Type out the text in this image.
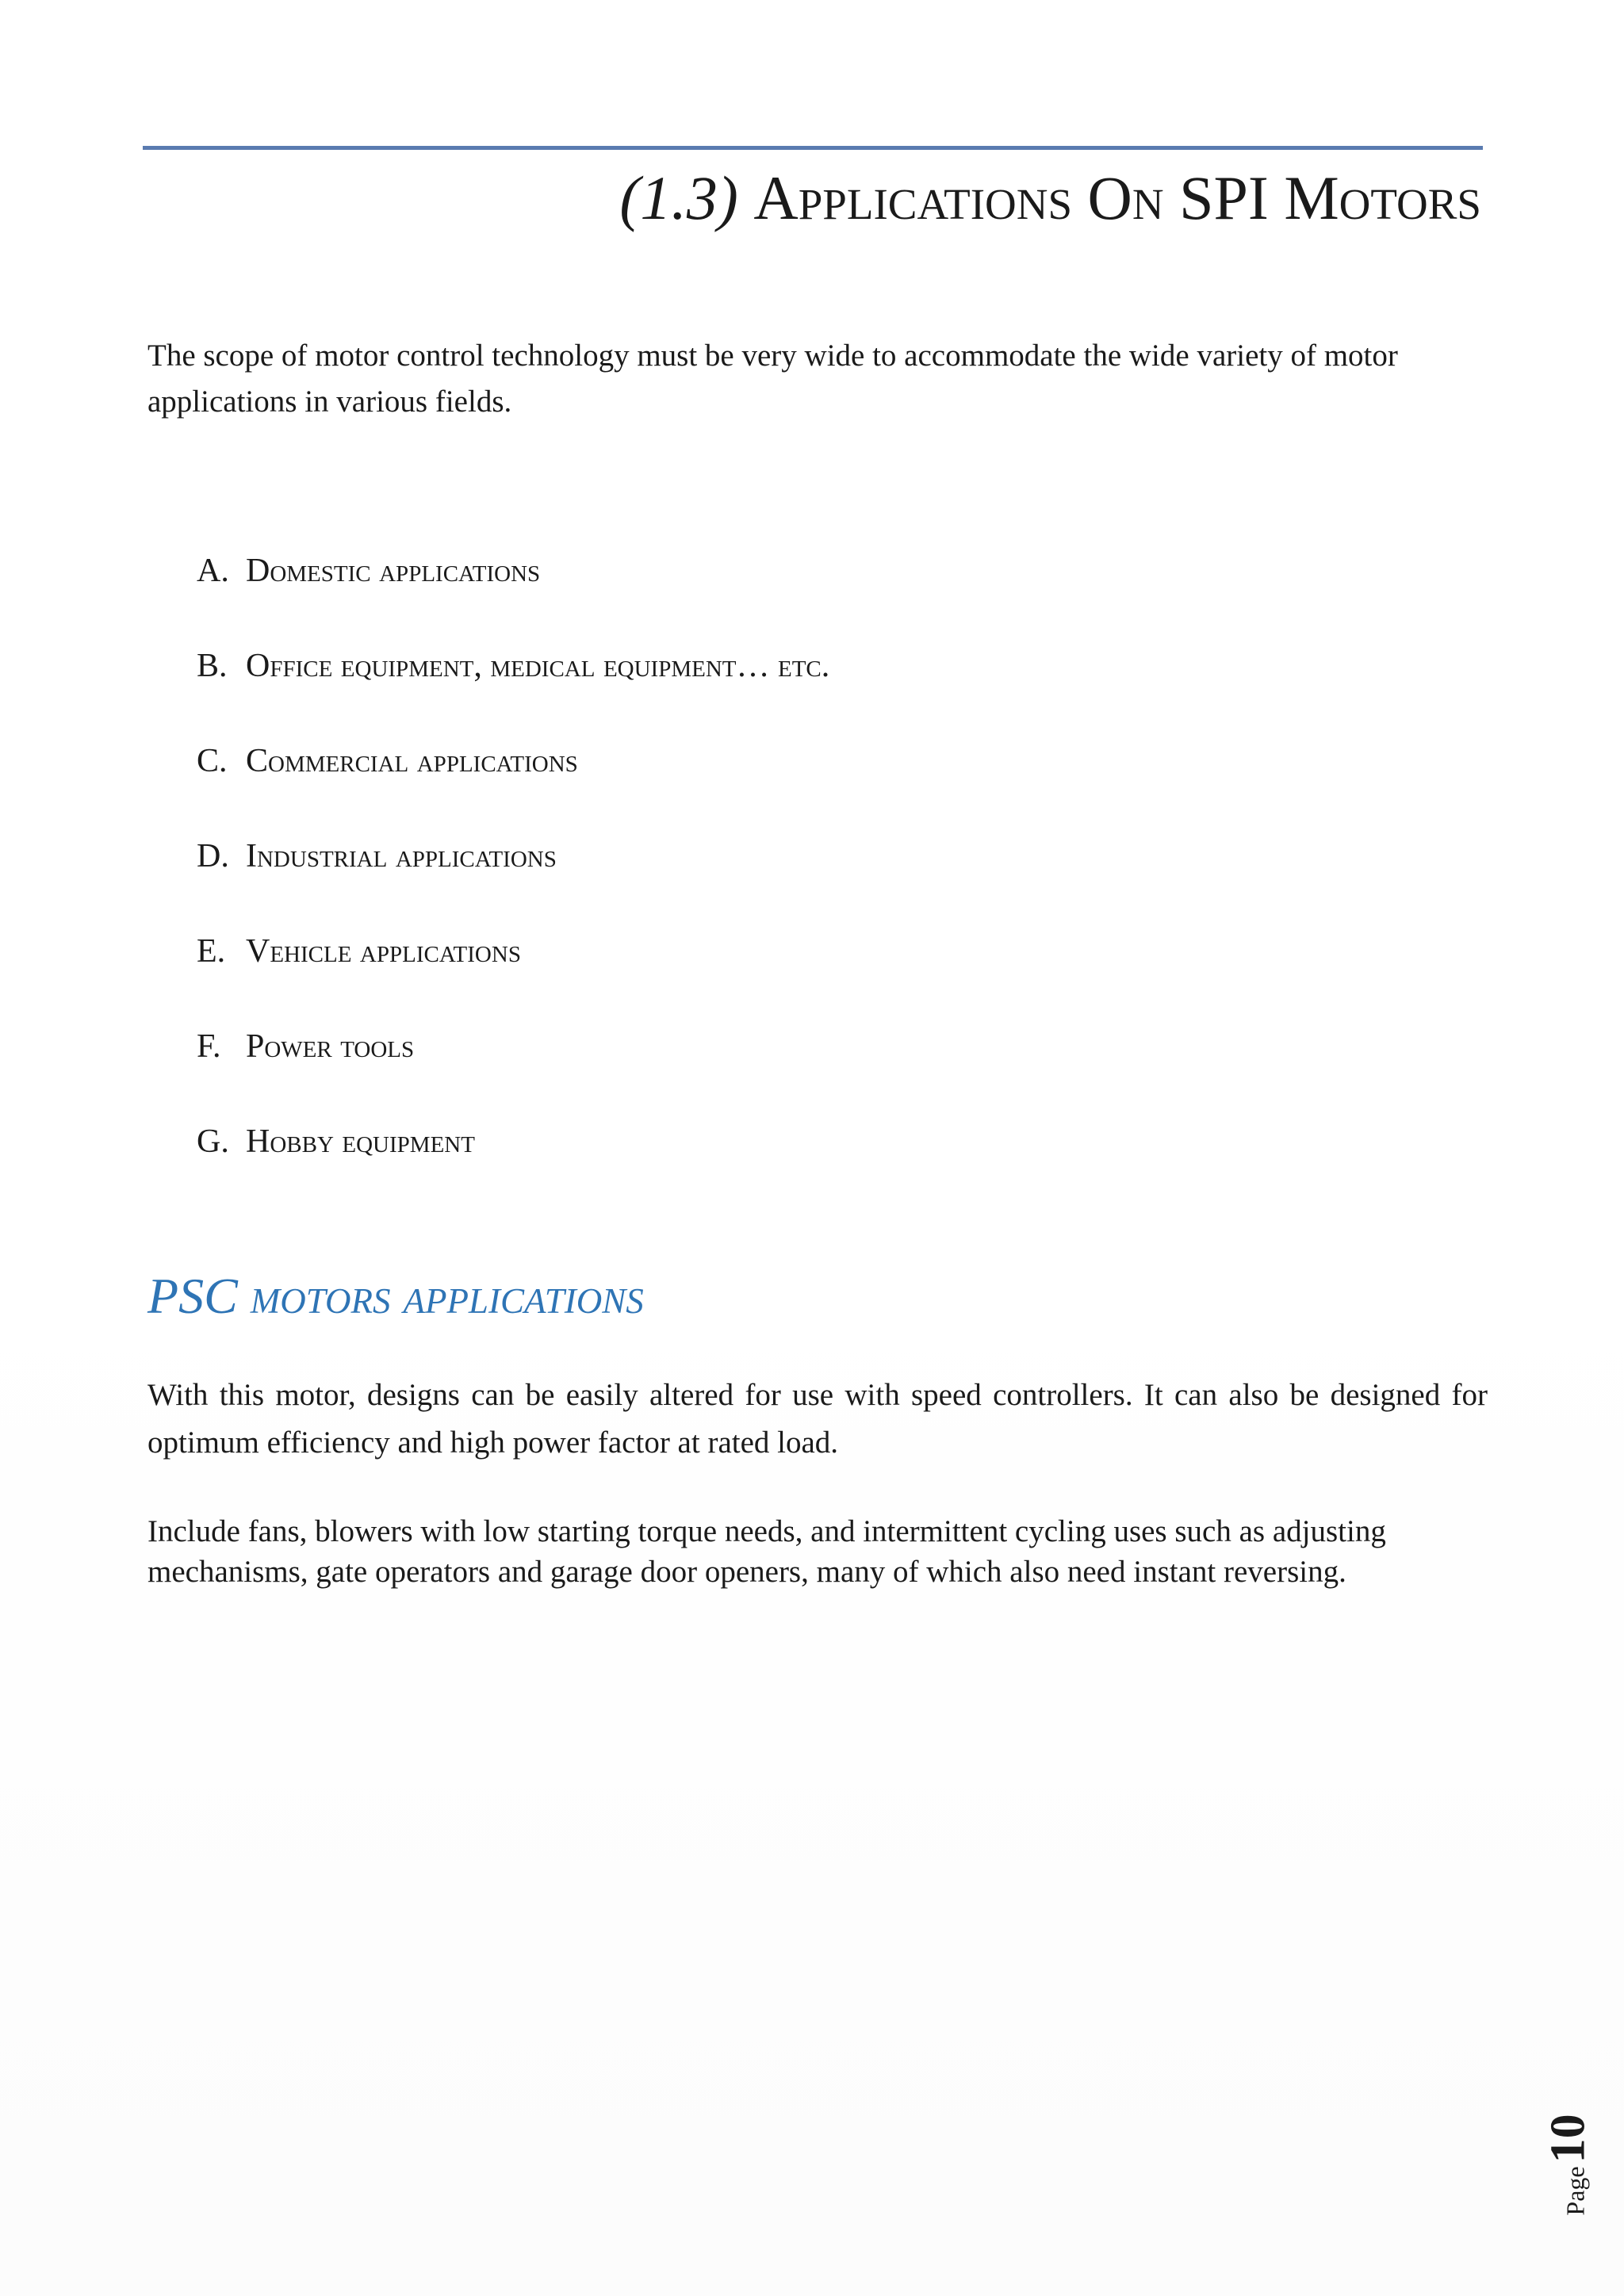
(1.3) Applications On SPI Motors

The scope of motor control technology must be very wide to accommodate the wide variety of motor applications in various fields.

A. Domestic applications
B. Office equipment, medical equipment… etc.
C. Commercial applications
D. Industrial applications
E. Vehicle applications
F. Power tools
G. Hobby equipment
PSC motors applications

With this motor, designs can be easily altered for use with speed controllers. It can also be designed for optimum efficiency and high power factor at rated load.

Include fans, blowers with low starting torque needs, and intermittent cycling uses such as adjusting mechanisms, gate operators and garage door openers, many of which also need instant reversing.

Page
10
